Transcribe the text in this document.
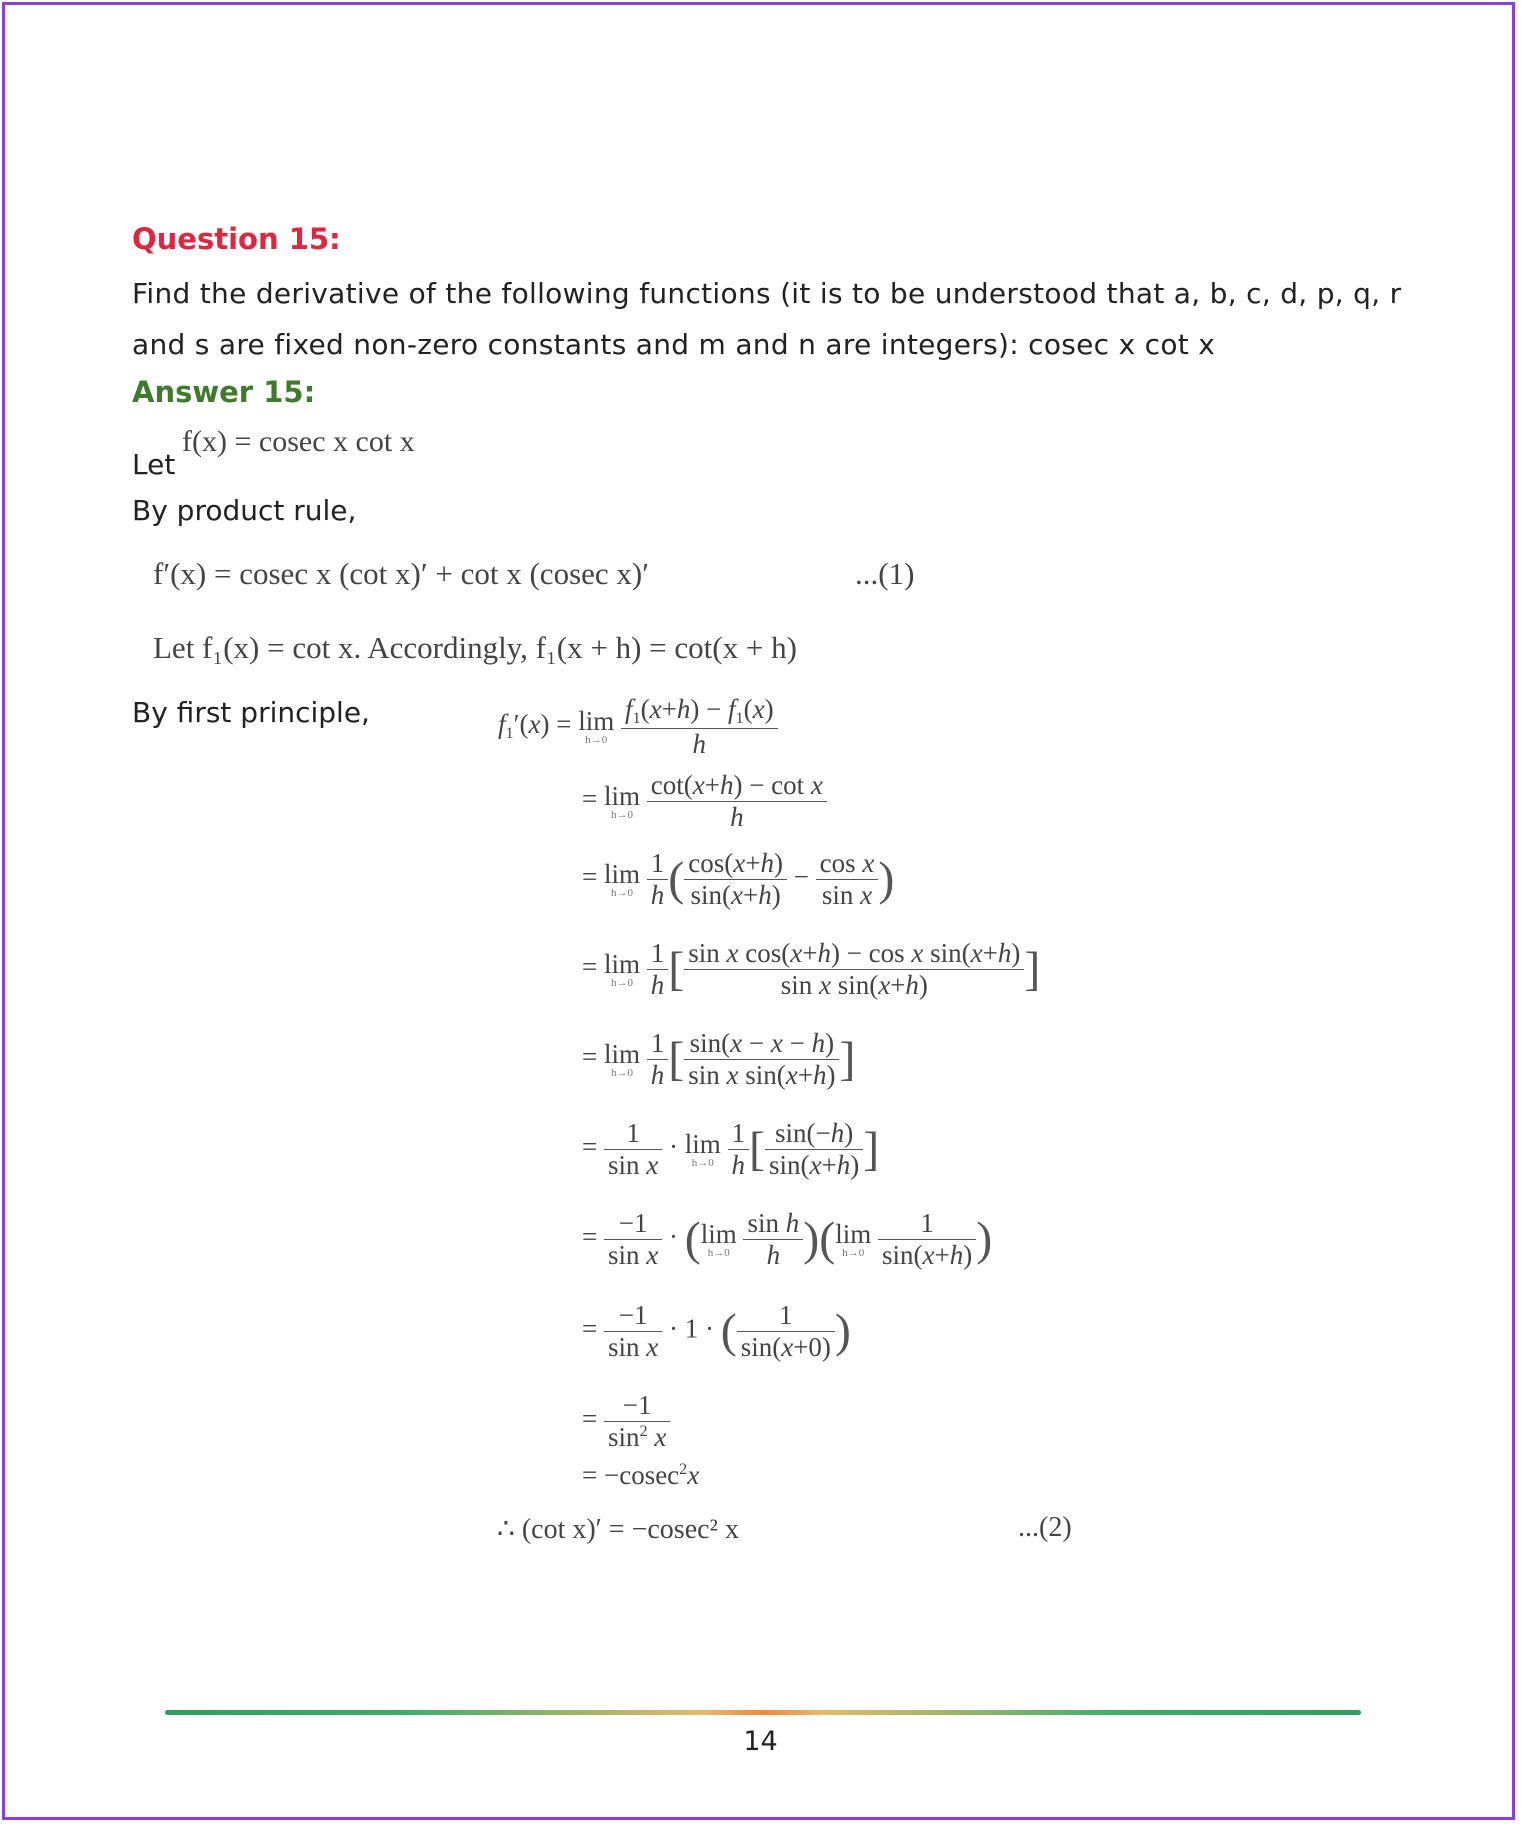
Question 15:
Find the derivative of the following functions (it is to be understood that a, b, c, d, p, q, r
and s are fixed non-zero constants and m and n are integers): cosec x cot x
Answer 15:
Let
f(x) = cosec x cot x
By product rule,
f′(x) = cosec x (cot x)′ + cot x (cosec x)′	...(1)
Let f₁(x) = cot x. Accordingly, f₁(x + h) = cot(x + h)
By first principle,	f1′(x) = lim
h→0
$\frac{f1(x+h) - f1(x)}{h}$
= lim
h→0
$\frac{\text{cot(x+h) − cot x}}{h}$
= lim
h→0
$\frac{1}{h}$ ( $\frac{\cos(x+h)}{\sin(x+h)} - \frac{\text{cos x}}{\text{sin x}}$ )
= lim
h→0
$\frac{1}{h}$ [ $\frac{\text{sin x cos(x+h) − cos x sin(x+h)}}{\text{sin x sin(x+h)}}$ ]
= lim
h→0
$\frac{1}{h}$ [ $\frac{\sin(x - x - h)}{\text{sin x sin(x+h)}}$ ]
= $\frac{1}{\text{sin x}} \cdot \lim$
h→0
$\frac{1}{h}$ [ $\frac{\sin(-h)}{\sin(x+h)}$ ]
= $\frac{-1}{\text{sin x}} \cdot (\lim$
h→0
$\frac{\text{sin h}}{h} )(\lim$
h→0
$\frac{1}{\sin(x+h)}$ )
= $\frac{-1}{\text{sin x}} \cdot 1$ · ( $\frac{1}{\sin(x+0)}$ )
= $\frac{-1}{\sin^2 x}$
= −cosec$^2$x
∴ (cot x)′ = −cosec² x	...(2)
14
